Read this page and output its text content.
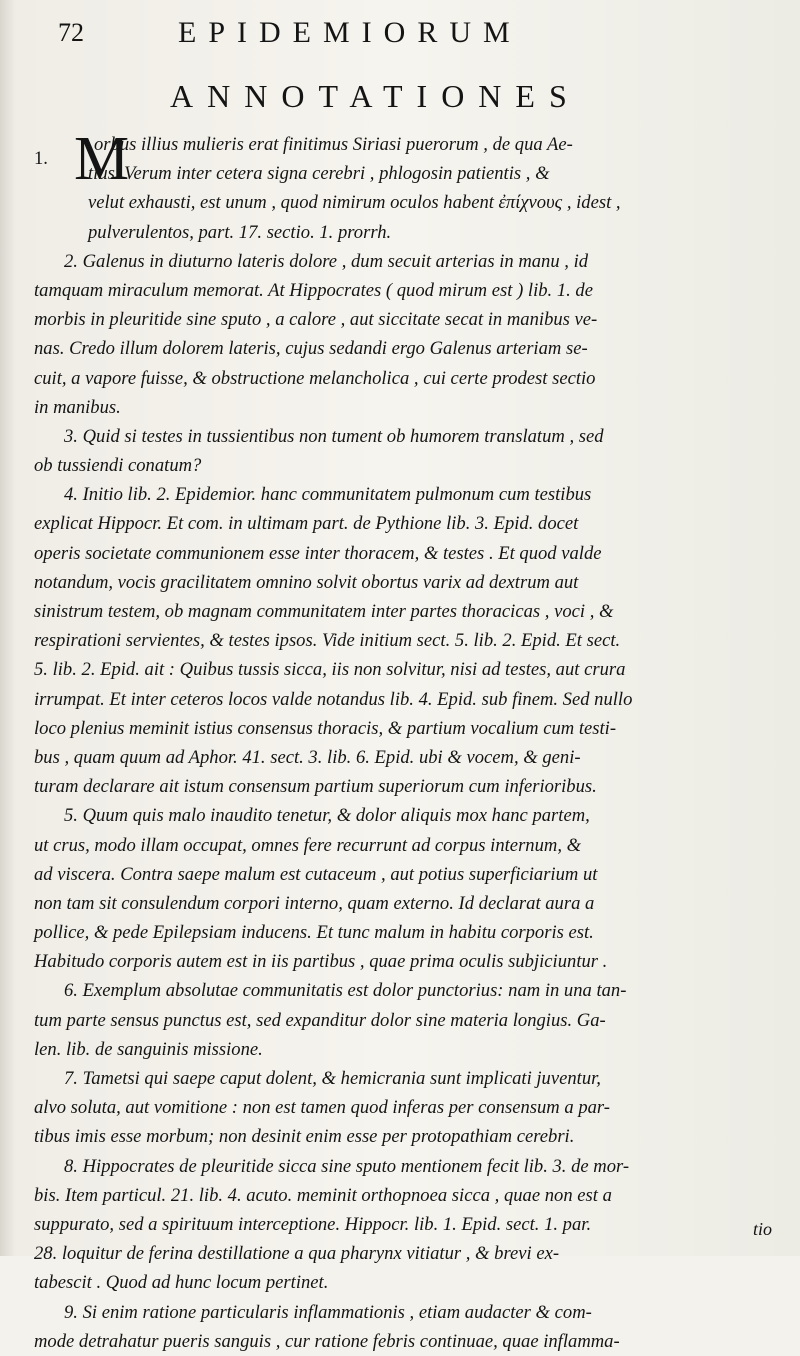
72	EPIDEMIORUM
ANNOTATIONES
1. M
orbus illius mulieris erat finitimus Siriasi puerorum , de qua Ae-
tius. Verum inter cetera signa cerebri , phlogosin patientis , &
velut exhausti, est unum , quod nimirum oculos habent ἐπίχνους , idest ,
pulverulentos, part. 17. sectio. 1. prorrh.
2. Galenus in diuturno lateris dolore , dum secuit arterias in manu , id
tamquam miraculum memorat. At Hippocrates ( quod mirum est ) lib. 1. de
morbis in pleuritide sine sputo , a calore , aut siccitate secat in manibus ve-
nas. Credo illum dolorem lateris, cujus sedandi ergo Galenus arteriam se-
cuit, a vapore fuisse, & obstructione melancholica , cui certe prodest sectio
in manibus.
3. Quid si testes in tussientibus non tument ob humorem translatum , sed
ob tussiendi conatum?
4. Initio lib. 2. Epidemior. hanc communitatem pulmonum cum testibus
explicat Hippocr. Et com. in ultimam part. de Pythione lib. 3. Epid. docet
operis societate communionem esse inter thoracem, & testes . Et quod valde
notandum, vocis gracilitatem omnino solvit obortus varix ad dextrum aut
sinistrum testem, ob magnam communitatem inter partes thoracicas , voci , &
respirationi servientes, & testes ipsos. Vide initium sect. 5. lib. 2. Epid. Et sect.
5. lib. 2. Epid. ait : Quibus tussis sicca, iis non solvitur, nisi ad testes, aut crura
irrumpat. Et inter ceteros locos valde notandus lib. 4. Epid. sub finem. Sed nullo
loco plenius meminit istius consensus thoracis, & partium vocalium cum testi-
bus , quam quum ad Aphor. 41. sect. 3. lib. 6. Epid. ubi & vocem, & geni-
turam declarare ait istum consensum partium superiorum cum inferioribus.
5. Quum quis malo inaudito tenetur, & dolor aliquis mox hanc partem,
ut crus, modo illam occupat, omnes fere recurrunt ad corpus internum, &
ad viscera. Contra saepe malum est cutaceum , aut potius superficiarium ut
non tam sit consulendum corpori interno, quam externo. Id declarat aura a
pollice, & pede Epilepsiam inducens. Et tunc malum in habitu corporis est.
Habitudo corporis autem est in iis partibus , quae prima oculis subjiciuntur .
6. Exemplum absolutae communitatis est dolor punctorius: nam in una tan-
tum parte sensus punctus est, sed expanditur dolor sine materia longius. Ga-
len. lib. de sanguinis missione.
7. Tametsi qui saepe caput dolent, & hemicrania sunt implicati juventur,
alvo soluta, aut vomitione : non est tamen quod inferas per consensum a par-
tibus imis esse morbum; non desinit enim esse per protopathiam cerebri.
8. Hippocrates de pleuritide sicca sine sputo mentionem fecit lib. 3. de mor-
bis. Item particul. 21. lib. 4. acuto. meminit orthopnoea sicca , quae non est a
suppurato, sed a spirituum interceptione. Hippocr. lib. 1. Epid. sect. 1. par.
28. loquitur de ferina destillatione a qua pharynx vitiatur , & brevi ex-
tabescit . Quod ad hunc locum pertinet.
9. Si enim ratione particularis inflammationis , etiam audacter & com-
mode detrahatur pueris sanguis , cur ratione febris continuae, quae inflamma-
tio
